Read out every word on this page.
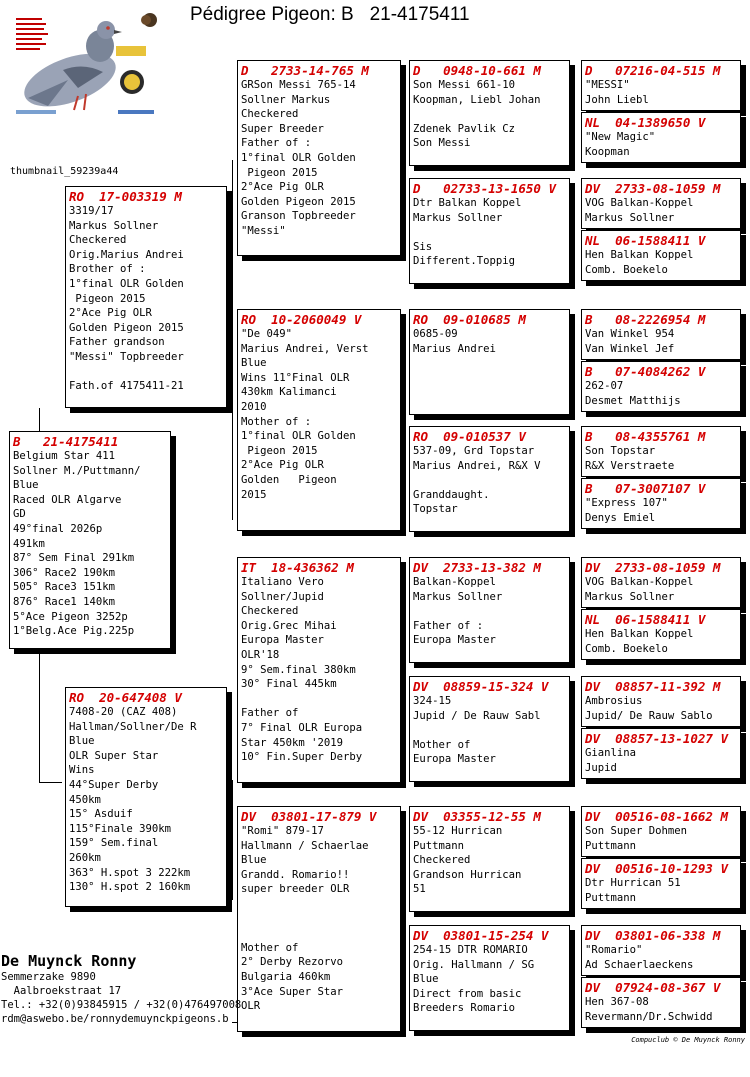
Pédigree Pigeon: B   21-4175411
thumbnail_59239a44
B   21-4175411
Belgium Star 411
Sollner M./Puttmann/
Blue
Raced OLR Algarve
GD
49°final 2026p
491km
87° Sem Final 291km
306° Race2 190km
505° Race3 151km
876° Race1 140km
5°Ace Pigeon 3252p
1°Belg.Ace Pig.225p
RO  17-003319 M
3319/17
Markus Sollner
Checkered
Orig.Marius Andrei
Brother of :
1°final OLR Golden
Pigeon 2015
2°Ace Pig OLR
Golden Pigeon 2015
Father grandson
"Messi" Topbreeder

Fath.of 4175411-21
RO  20-647408 V
7408-20 (CAZ 408)
Hallman/Sollner/De R
Blue
OLR Super Star
Wins
44°Super Derby
450km
15° Asduif
115°Finale 390km
159° Sem.final
260km
363° H.spot 3 222km
130° H.spot 2 160km
D   2733-14-765 M
GRSon Messi 765-14
Sollner Markus
Checkered
Super Breeder
Father of :
1°final OLR Golden
Pigeon 2015
2°Ace Pig OLR
Golden Pigeon 2015
Granson Topbreeder
"Messi"
RO  10-2060049 V
"De 049"
Marius Andrei, Verst
Blue
Wins 11°Final OLR
430km Kalimanci
2010
Mother of :
1°final OLR Golden
Pigeon 2015
2°Ace Pig OLR
Golden   Pigeon
2015
IT  18-436362 M
Italiano Vero
Sollner/Jupid
Checkered
Orig.Grec Mihai
Europa Master
OLR'18
9° Sem.final 380km
30° Final 445km

Father of
7° Final OLR Europa
Star 450km '2019
10° Fin.Super Derby
DV  03801-17-879 V
"Romi" 879-17
Hallmann / Schaerlae
Blue
Grandd. Romario!!
super breeder OLR

Mother of
2° Derby Rezorvo
Bulgaria 460km
3°Ace Super Star
OLR
D   0948-10-661 M
Son Messi 661-10
Koopman, Liebl Johan

Zdenek Pavlik Cz
Son Messi
D   02733-13-1650 V
Dtr Balkan Koppel
Markus Sollner

Sis
Different.Toppig
RO  09-010685 M
0685-09
Marius Andrei
RO  09-010537 V
537-09, Grd Topstar
Marius Andrei, R&X V

Granddaught.
Topstar
DV  2733-13-382 M
Balkan-Koppel
Markus Sollner

Father of :
Europa Master
DV  08859-15-324 V
324-15
Jupid / De Rauw Sabl

Mother of
Europa Master
DV  03355-12-55 M
55-12 Hurrican
Puttmann
Checkered
Grandson Hurrican
51
DV  03801-15-254 V
254-15 DTR ROMARIO
Orig. Hallmann / SG
Blue
Direct from basic
Breeders Romario
D   07216-04-515 M
"MESSI"
John Liebl
NL  04-1389650 V
"New Magic"
Koopman
DV  2733-08-1059 M
VOG Balkan-Koppel
Markus Sollner
NL  06-1588411 V
Hen Balkan Koppel
Comb. Boekelo
B   08-2226954 M
Van Winkel 954
Van Winkel Jef
B   07-4084262 V
262-07
Desmet Matthijs
B   08-4355761 M
Son Topstar
R&X Verstraete
B   07-3007107 V
"Express 107"
Denys Emiel
DV  2733-08-1059 M
VOG Balkan-Koppel
Markus Sollner
NL  06-1588411 V
Hen Balkan Koppel
Comb. Boekelo
DV  08857-11-392 M
Ambrosius
Jupid/ De Rauw Sablo
DV  08857-13-1027 V
Gianlina
Jupid
DV  00516-08-1662 M
Son Super Dohmen
Puttmann
DV  00516-10-1293 V
Dtr Hurrican 51
Puttmann
DV  03801-06-338 M
"Romario"
Ad Schaerlaeckens
DV  07924-08-367 V
Hen 367-08
Revermann/Dr.Schwidd
De Muynck Ronny
Semmerzake 9890
Aalbroekstraat 17
Tel.: +32(0)93845915 / +32(0)476497008
rdm@aswebo.be/ronnydemuynckpigeons.b
Compuclub © De Muynck Ronny
